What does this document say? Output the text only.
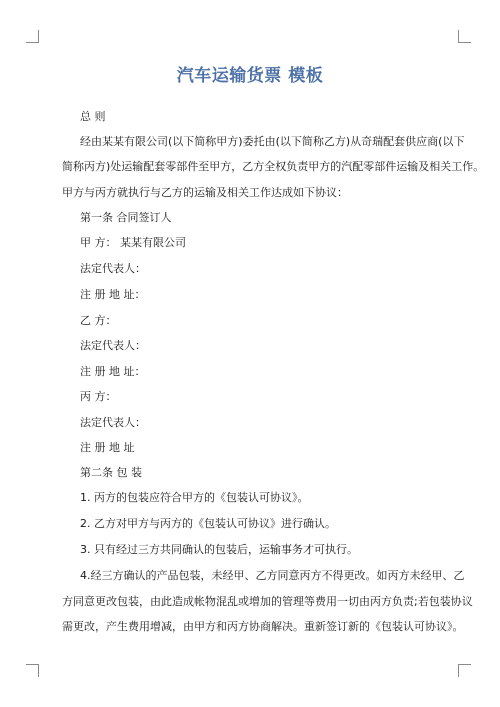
汽车运输货票 模板
总 则
经由某某有限公司(以下简称甲方)委托由(以下简称乙方)从奇瑞配套供应商(以下
简称丙方)处运输配套零部件至甲方，乙方全权负责甲方的汽配零部件运输及相关工作。
甲方与丙方就执行与乙方的运输及相关工作达成如下协议：
第一条 合同签订人
甲 方： 某某有限公司
法定代表人：
注 册 地 址：
乙 方：
法定代表人：
注 册 地 址：
丙 方：
法定代表人：
注 册 地 址
第二条 包 装
1. 丙方的包装应符合甲方的《包装认可协议》。
2. 乙方对甲方与丙方的《包装认可协议》进行确认。
3. 只有经过三方共同确认的包装后，运输事务才可执行。
4.经三方确认的产品包装，未经甲、乙方同意丙方不得更改。如丙方未经甲、乙
方同意更改包装，由此造成帐物混乱或增加的管理等费用一切由丙方负责;若包装协议
需更改，产生费用增减，由甲方和丙方协商解决。重新签订新的《包装认可协议》。
